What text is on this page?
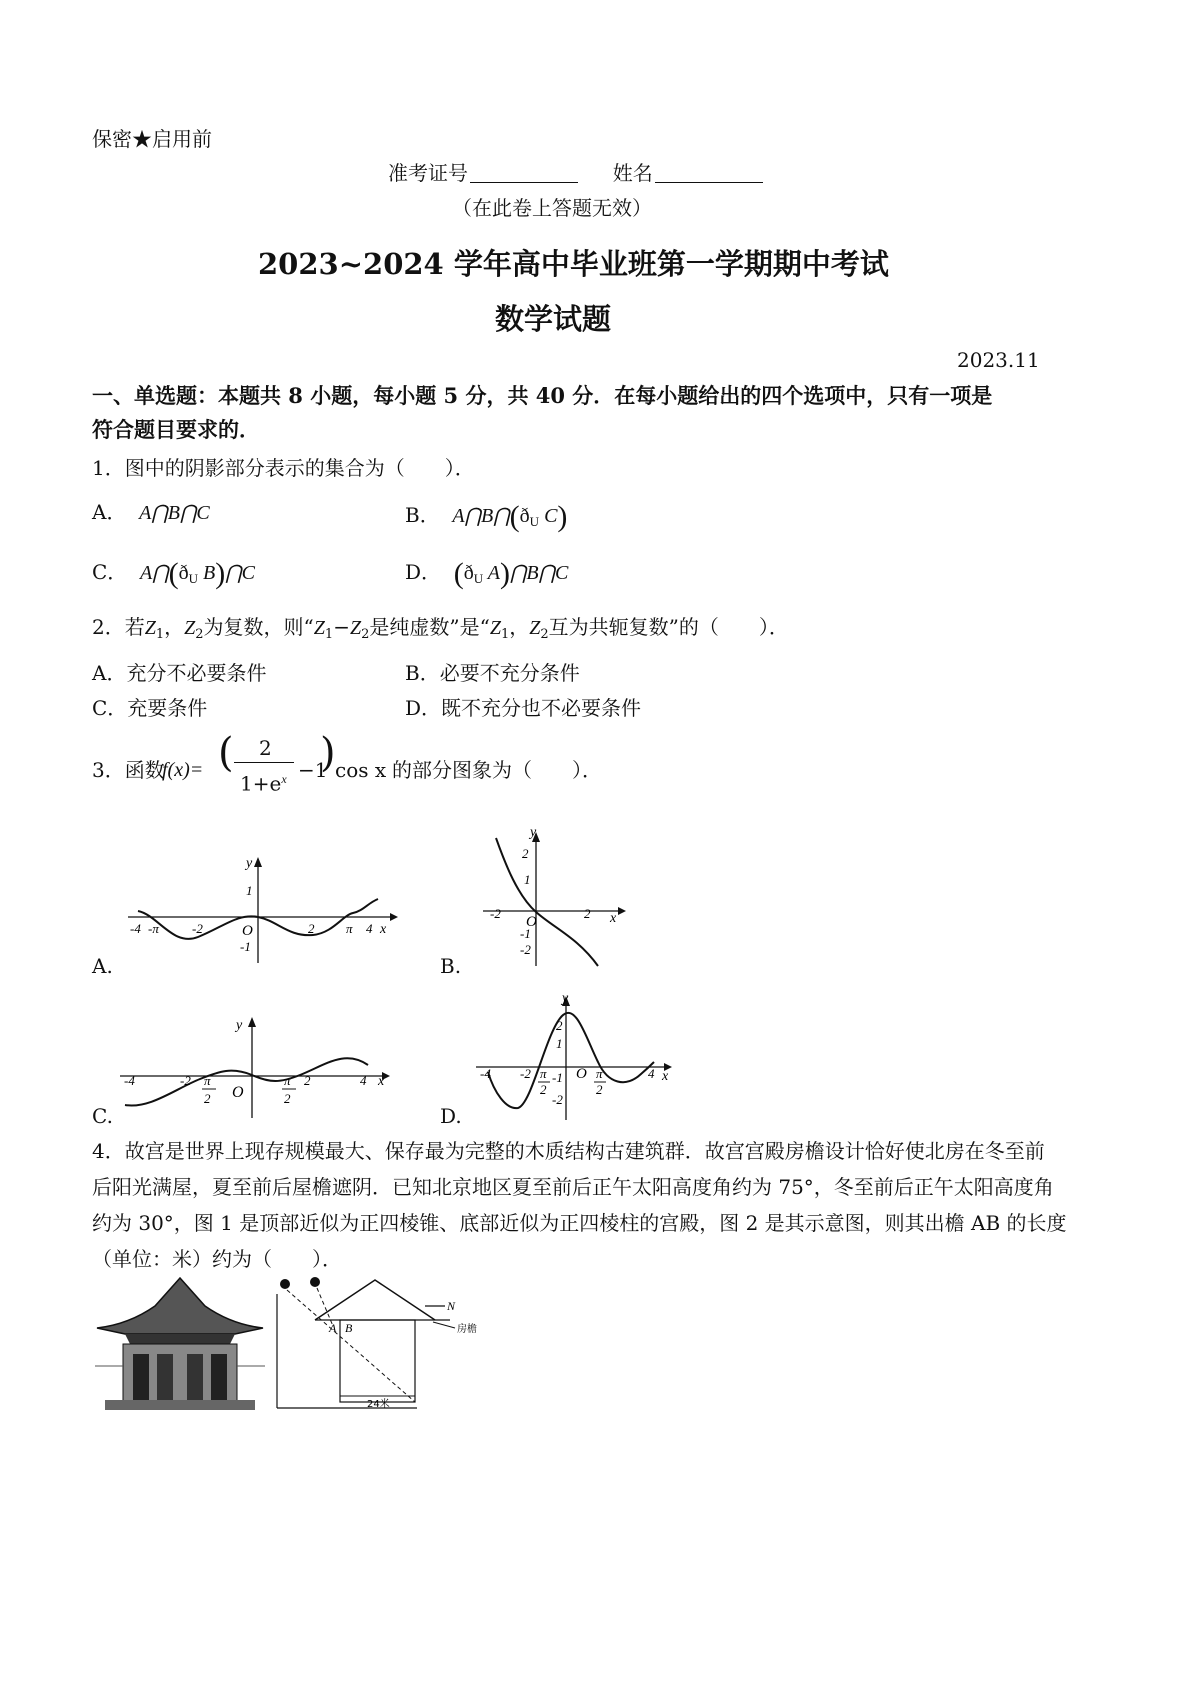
保密★启用前
准考证号	姓名
（在此卷上答题无效）
2023~2024 学年高中毕业班第一学期期中考试
数学试题
2023.11
一、单选题：本题共 8 小题，每小题 5 分，共 40 分．在每小题给出的四个选项中，只有一项是
符合题目要求的．
1．图中的阴影部分表示的集合为（　　）．
A． A⋂B⋂C	B． $A⋂B⋂(ð_U$ C)
C． $A⋂(ð_U$ B)⋂C	D． ($ð_U$ A)⋂B⋂C
2．若$Z_1$，$Z_2$为复数，则“$Z_1-Z_2$是纯虚数”是“$Z_1$，$Z_2$互为共轭复数”的（　　）．
A．充分不必要条件	B．必要不充分条件
C．充要条件	D．既不充分也不必要条件
3．函数
f(x)= ( 2
$1+e^x -1$
) cos x 的部分图象为（　　）．
A.	B.
C.	D.
y
x
O
1
-1
-4 -π	-2	2 π 4
y
x
O
2
1
-1
-2
-2	2
y
x
O
-4	-2 π
2
π
2
2	4
y
x
O
2
1
-1
-2
-4 -2 π
2
π
2
4
4．故宫是世界上现存规模最大、保存最为完整的木质结构古建筑群．故宫宫殿房檐设计恰好使北房在冬至前
后阳光满屋，夏至前后屋檐遮阴．已知北京地区夏至前后正午太阳高度角约为 75°，冬至前后正午太阳高度角
约为 30°，图 1 是顶部近似为正四棱锥、底部近似为正四棱柱的宫殿，图 2 是其示意图，则其出檐 AB 的长度
（单位：米）约为（　　）．
A B
N
房檐
24米
